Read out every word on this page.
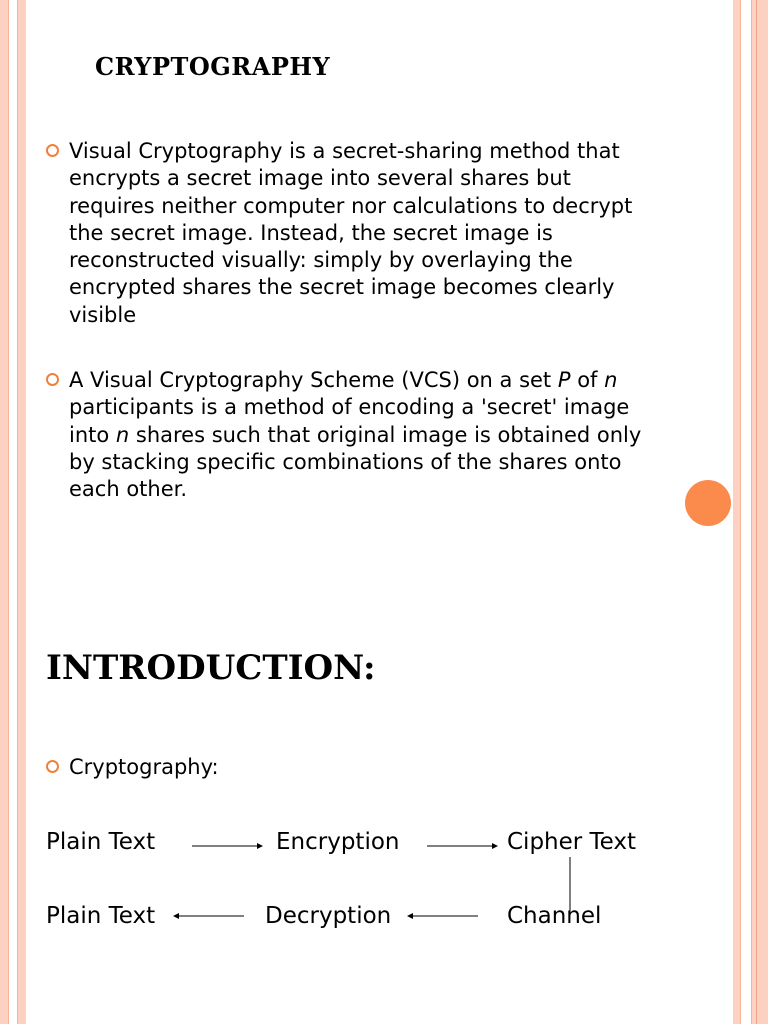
CRYPTOGRAPHY
Visual Cryptography is a secret-sharing method that encrypts a secret image into several shares but requires neither computer nor calculations to decrypt the secret image. Instead, the secret image is reconstructed visually: simply by overlaying the encrypted shares the secret image becomes clearly visible
A Visual Cryptography Scheme (VCS) on a set P of n participants is a method of encoding a 'secret' image into n shares such that original image is obtained only by stacking specific combinations of the shares onto each other.
INTRODUCTION:
Cryptography:
Plain Text	Encryption	Cipher Text
Plain Text	Decryption	Channel
